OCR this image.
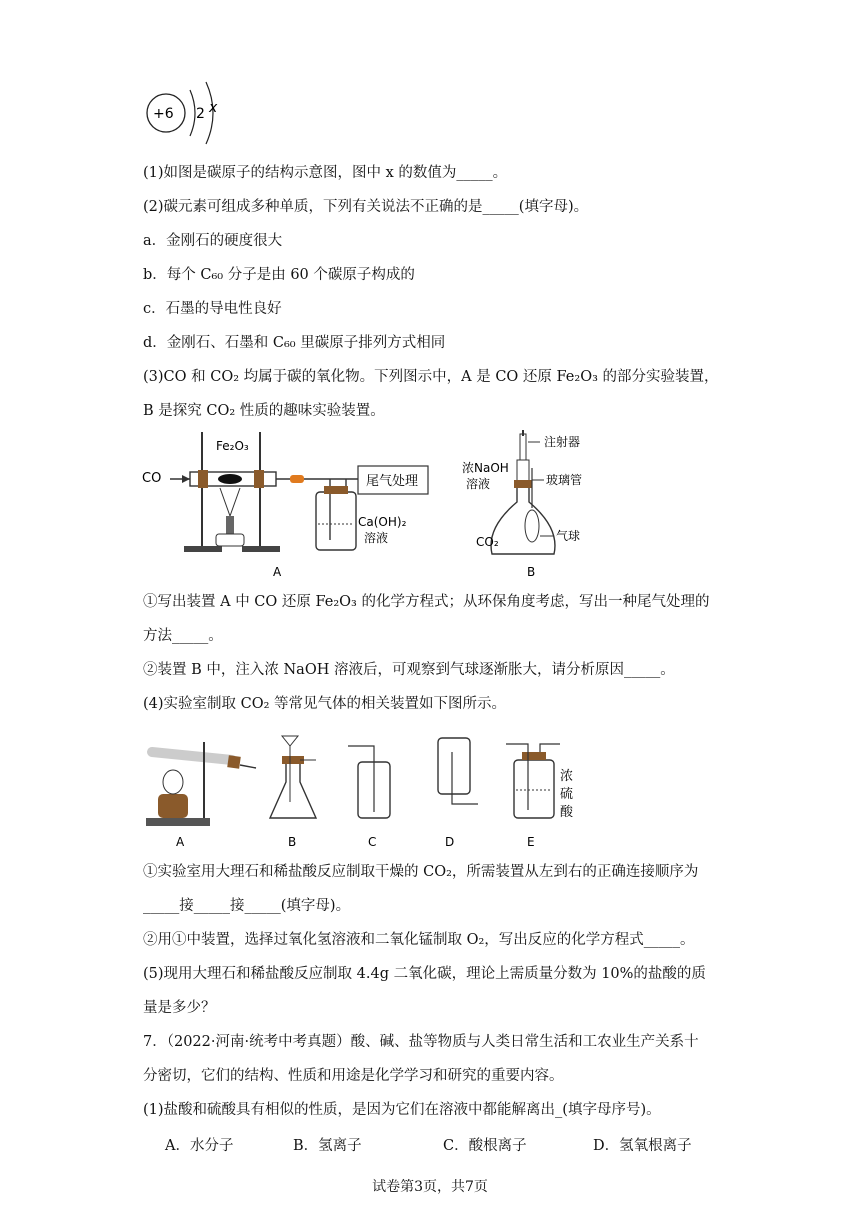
+6 2 x
(1)如图是碳原子的结构示意图，图中 x 的数值为_____。
(2)碳元素可组成多种单质，下列有关说法不正确的是_____(填字母)。
a．金刚石的硬度很大
b．每个 C₆₀ 分子是由 60 个碳原子构成的
c．石墨的导电性良好
d．金刚石、石墨和 C₆₀ 里碳原子排列方式相同
(3)CO 和 CO₂ 均属于碳的氧化物。下列图示中，A 是 CO 还原 Fe₂O₃ 的部分实验装置，
B 是探究 CO₂ 性质的趣味实验装置。
CO
Fe₂O₃
Ca(OH)₂
溶液
尾气处理
A
注射器
浓NaOH
溶液	玻璃管
CO₂	气球
B
①写出装置 A 中 CO 还原 Fe₂O₃ 的化学方程式；从环保角度考虑，写出一种尾气处理的
方法_____。
②装置 B 中，注入浓 NaOH 溶液后，可观察到气球逐渐胀大，请分析原因_____。
(4)实验室制取 CO₂ 等常见气体的相关装置如下图所示。
A	B	C	D
浓
硫
酸
E
①实验室用大理石和稀盐酸反应制取干燥的 CO₂，所需装置从左到右的正确连接顺序为
_____接_____接_____(填字母)。
②用①中装置，选择过氧化氢溶液和二氧化锰制取 O₂，写出反应的化学方程式_____。
(5)现用大理石和稀盐酸反应制取 4.4g 二氧化碳，理论上需质量分数为 10%的盐酸的质
量是多少？
7．（2022·河南·统考中考真题）酸、碱、盐等物质与人类日常生活和工农业生产关系十
分密切，它们的结构、性质和用途是化学学习和研究的重要内容。
(1)盐酸和硫酸具有相似的性质，是因为它们在溶液中都能解离出_(填字母序号)。
A．水分子	B．氢离子	C．酸根离子	D．氢氧根离子
试卷第3页，共7页
